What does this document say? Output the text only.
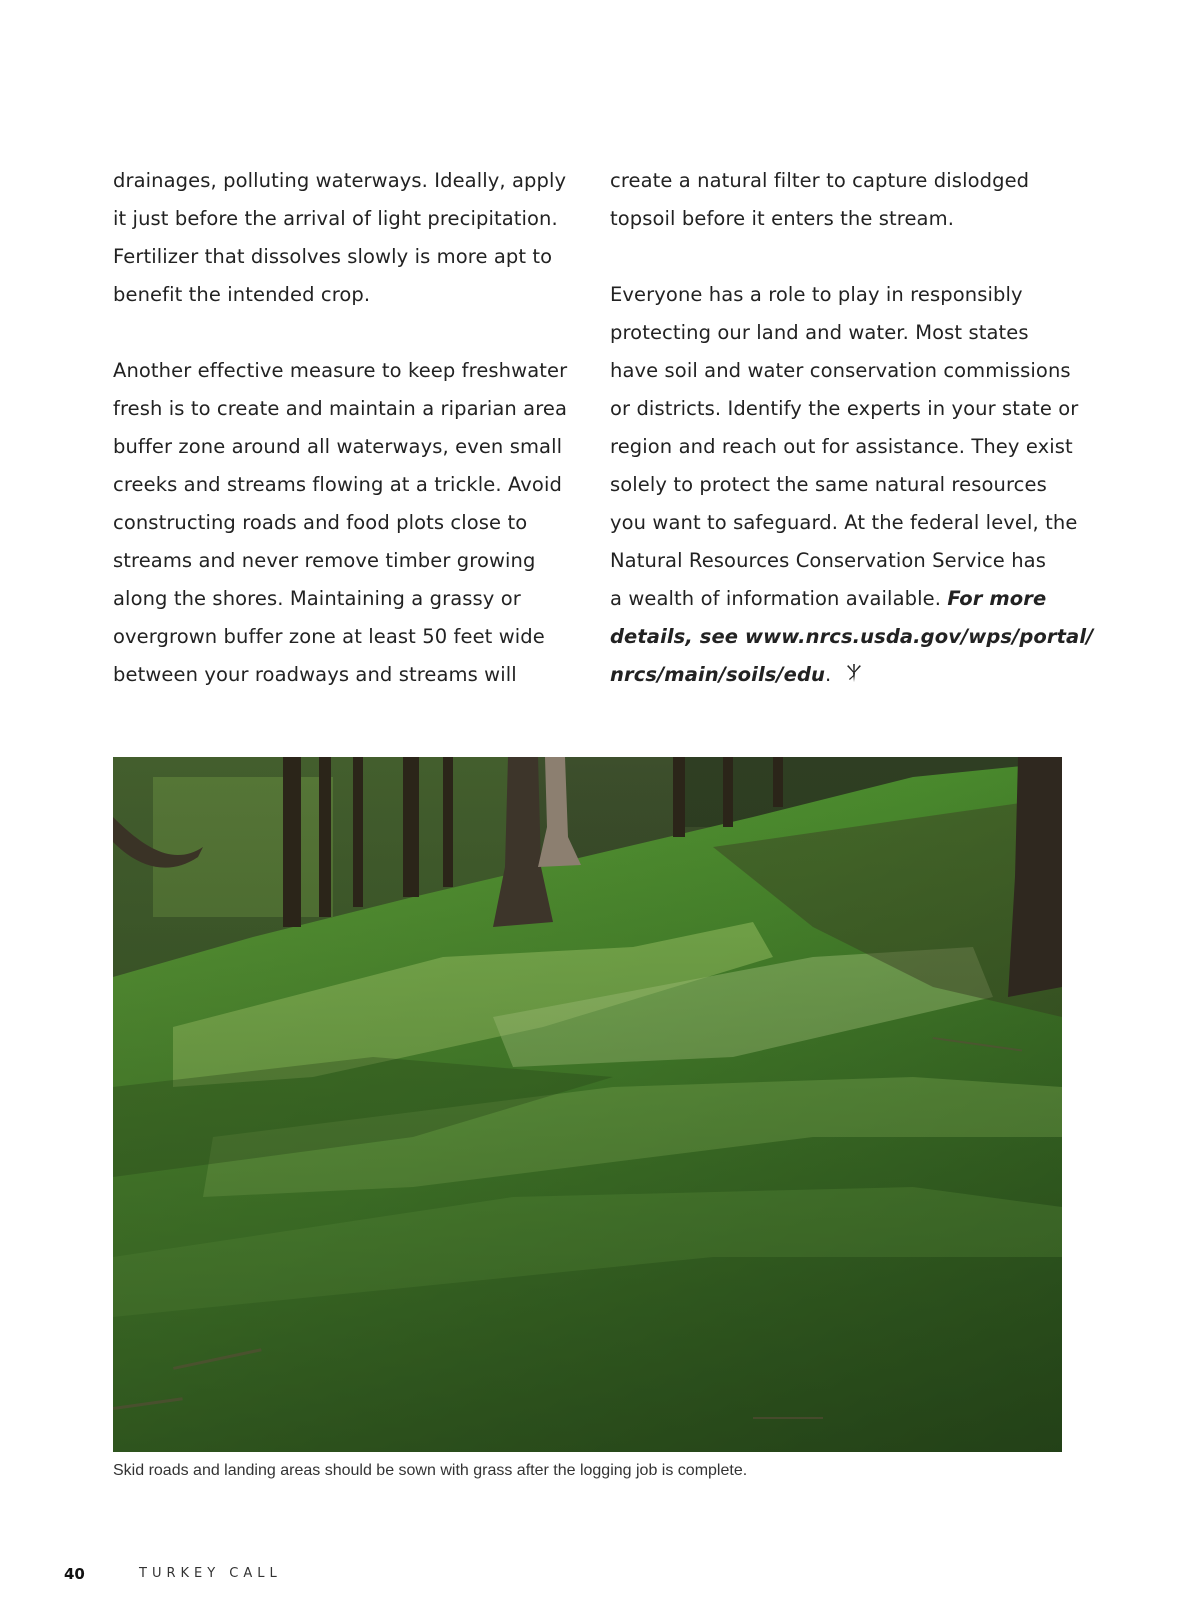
drainages, polluting waterways. Ideally, apply
it just before the arrival of light precipitation.
Fertilizer that dissolves slowly is more apt to
benefit the intended crop.
Another effective measure to keep freshwater
fresh is to create and maintain a riparian area
buffer zone around all waterways, even small
creeks and streams flowing at a trickle. Avoid
constructing roads and food plots close to
streams and never remove timber growing
along the shores. Maintaining a grassy or
overgrown buffer zone at least 50 feet wide
between your roadways and streams will
create a natural filter to capture dislodged
topsoil before it enters the stream.
Everyone has a role to play in responsibly
protecting our land and water. Most states
have soil and water conservation commissions
or districts. Identify the experts in your state or
region and reach out for assistance. They exist
solely to protect the same natural resources
you want to safeguard. At the federal level, the
Natural Resources Conservation Service has
a wealth of information available. For more
details, see www.nrcs.usda.gov/wps/portal/
nrcs/main/soils/edu.
Skid roads and landing areas should be sown with grass after the logging job is complete.
40	TURKEY CALL
